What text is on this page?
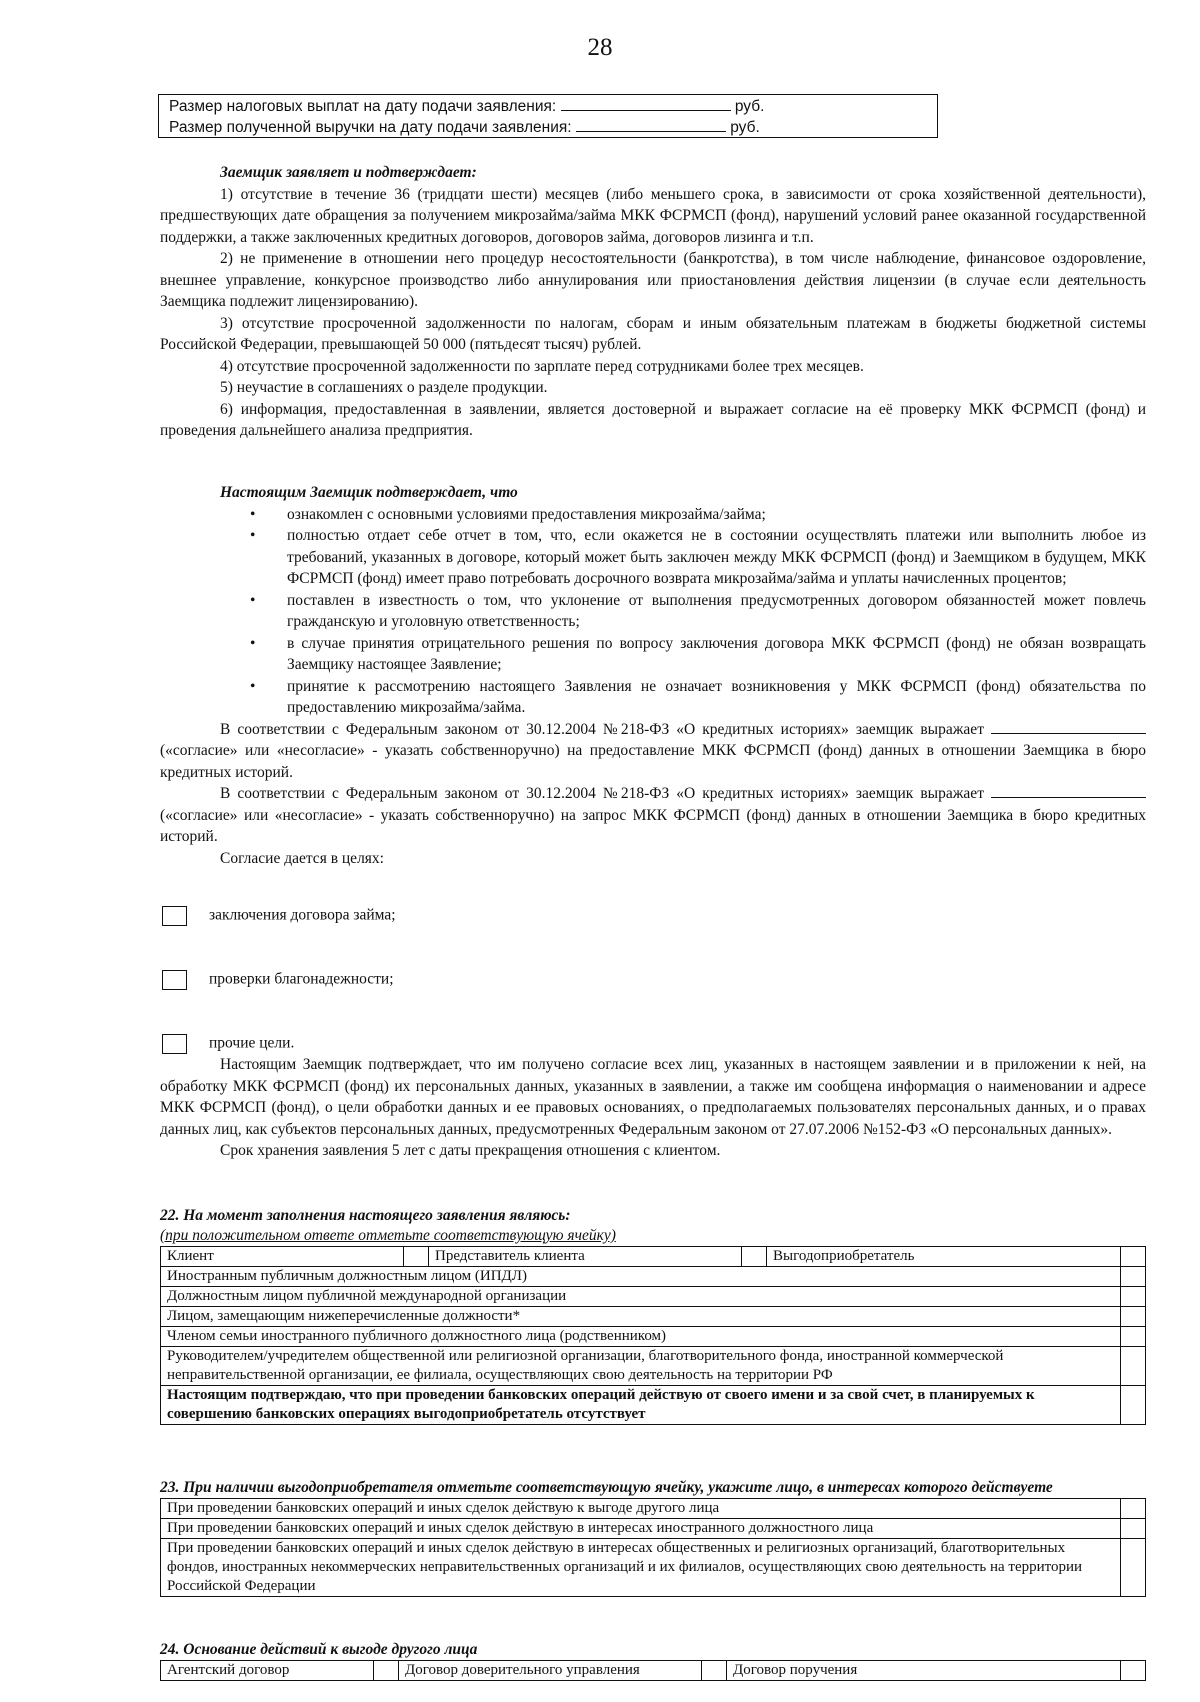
28
Размер налоговых выплат на дату подачи заявления:	руб.
Размер полученной выручки на дату подачи заявления:	руб.

Заемщик заявляет и подтверждает:

1) отсутствие в течение 36 (тридцати шести) месяцев (либо меньшего срока, в зависимости от срока хозяйственной деятельности), предшествующих дате обращения за получением микрозайма/займа МКК ФСРМСП (фонд), нарушений условий ранее оказанной государственной поддержки, а также заключенных кредитных договоров, договоров займа, договоров лизинга и т.п.

2) не применение в отношении него процедур несостоятельности (банкротства), в том числе наблюдение, финансовое оздоровление, внешнее управление, конкурсное производство либо аннулирования или приостановления действия лицензии (в случае если деятельность Заемщика подлежит лицензированию).

3) отсутствие просроченной задолженности по налогам, сборам и иным обязательным платежам в бюджеты бюджетной системы Российской Федерации, превышающей 50 000 (пятьдесят тысяч) рублей.

4) отсутствие просроченной задолженности по зарплате перед сотрудниками более трех месяцев.

5) неучастие в соглашениях о разделе продукции.

6) информация, предоставленная в заявлении, является достоверной и выражает согласие на её проверку МКК ФСРМСП (фонд) и проведения дальнейшего анализа предприятия.

Настоящим Заемщик подтверждает, что

• ознакомлен с основными условиями предоставления микрозайма/займа;
• полностью отдает себе отчет в том, что, если окажется не в состоянии осуществлять платежи или выполнить любое из требований, указанных в договоре, который может быть заключен между МКК ФСРМСП (фонд) и Заемщиком в будущем, МКК ФСРМСП (фонд) имеет право потребовать досрочного возврата микрозайма/займа и уплаты начисленных процентов;
• поставлен в известность о том, что уклонение от выполнения предусмотренных договором обязанностей может повлечь гражданскую и уголовную ответственность;
• в случае принятия отрицательного решения по вопросу заключения договора МКК ФСРМСП (фонд) не обязан возвращать Заемщику настоящее Заявление;
• принятие к рассмотрению настоящего Заявления не означает возникновения у МКК ФСРМСП (фонд) обязательства по предоставлению микрозайма/займа.

В соответствии с Федеральным законом от 30.12.2004 №218-ФЗ «О кредитных историях» заемщик выражает  («согласие» или «несогласие» - указать собственноручно) на предоставление МКК ФСРМСП (фонд) данных в отношении Заемщика в бюро кредитных историй.

В соответствии с Федеральным законом от 30.12.2004 №218-ФЗ «О кредитных историях» заемщик выражает  («согласие» или «несогласие» - указать собственноручно) на запрос МКК ФСРМСП (фонд) данных в отношении Заемщика в бюро кредитных историй.

Согласие дается в целях:

заключения договора займа;
проверки благонадежности;
прочие цели.

Настоящим Заемщик подтверждает, что им получено согласие всех лиц, указанных в настоящем заявлении и в приложении к ней, на обработку МКК ФСРМСП (фонд) их персональных данных, указанных в заявлении, а также им сообщена информация о наименовании и адресе МКК ФСРМСП (фонд), о цели обработки данных и ее правовых основаниях, о предполагаемых пользователях персональных данных, и о правах данных лиц, как субъектов персональных данных, предусмотренных Федеральным законом от 27.07.2006 №152-ФЗ «О персональных данных».

Срок хранения заявления 5 лет с даты прекращения отношения с клиентом.

22. На момент заполнения настоящего заявления являюсь:
(при положительном ответе отметьте соответствующую ячейку)
Клиент		Представитель клиента		Выгодоприобретатель	
Иностранным публичным должностным лицом (ИПДЛ)					
Должностным лицом публичной международной организации					
Лицом, замещающим нижеперечисленные должности*					
Членом семьи иностранного публичного должностного лица (родственником)					
Руководителем/учредителем общественной или религиозной организации, благотворительного фонда, иностранной коммерческой неправительственной организации, ее филиала, осуществляющих свою деятельность на территории РФ					
Настоящим подтверждаю, что при проведении банковских операций действую от своего имени и за свой счет, в планируемых к совершению банковских операциях выгодоприобретатель отсутствует					
23. При наличии выгодоприобретателя отметьте соответствующую ячейку, укажите лицо, в интересах которого действуете
При проведении банковских операций и иных сделок действую к выгоде другого лица	
При проведении банковских операций и иных сделок действую в интересах иностранного должностного лица	
При проведении банковских операций и иных сделок действую в интересах общественных и религиозных организаций, благотворительных фондов, иностранных некоммерческих неправительственных организаций и их филиалов, осуществляющих свою деятельность на территории Российской Федерации	
24. Основание действий к выгоде другого лица
Агентский договор		Договор доверительного управления		Договор поручения	
